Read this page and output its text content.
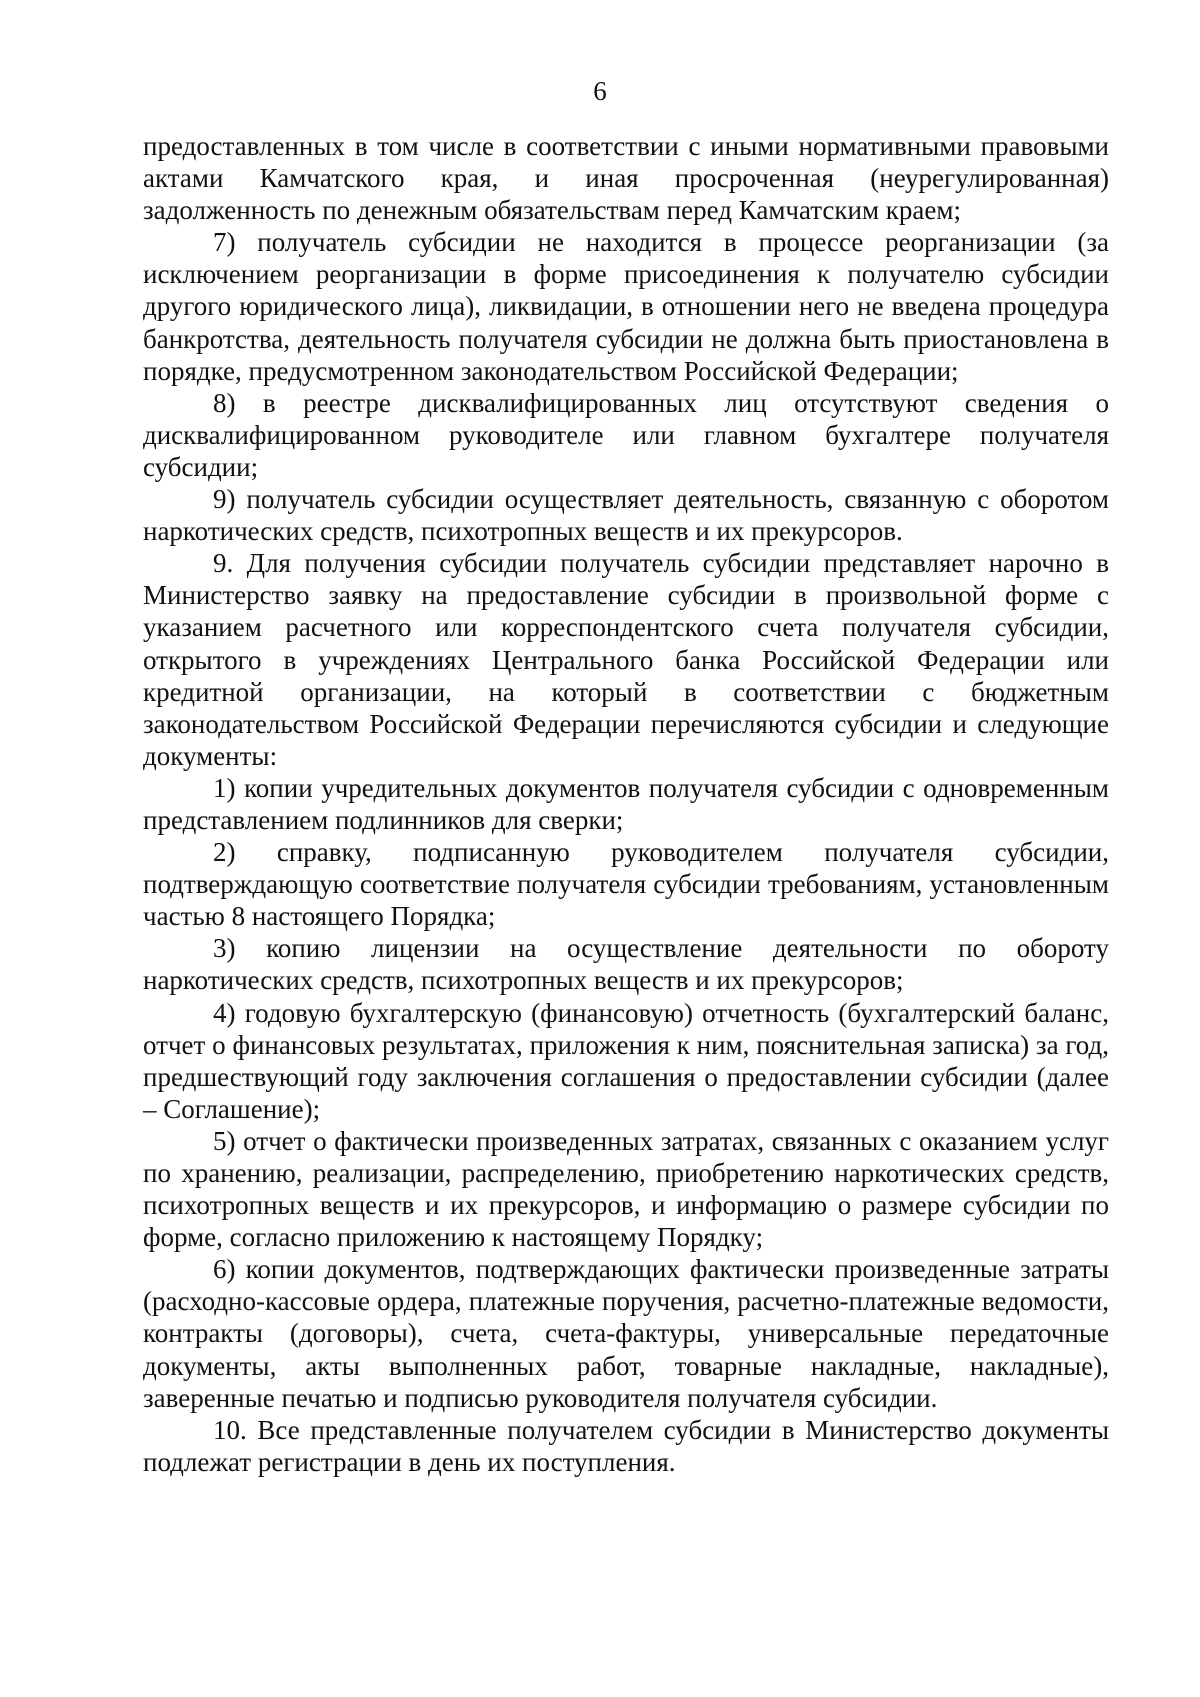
6

предоставленных в том числе в соответствии с иными нормативными правовыми актами Камчатского края, и иная просроченная (неурегулированная) задолженность по денежным обязательствам перед Камчатским краем;

7) получатель субсидии не находится в процессе реорганизации (за исключением реорганизации в форме присоединения к получателю субсидии другого юридического лица), ликвидации, в отношении него не введена процедура банкротства, деятельность получателя субсидии не должна быть приостановлена в порядке, предусмотренном законодательством Российской Федерации;

8) в реестре дисквалифицированных лиц отсутствуют сведения о дисквалифицированном руководителе или главном бухгалтере получателя субсидии;

9) получатель субсидии осуществляет деятельность, связанную с оборотом наркотических средств, психотропных веществ и их прекурсоров.

9. Для получения субсидии получатель субсидии представляет нарочно в Министерство заявку на предоставление субсидии в произвольной форме с указанием расчетного или корреспондентского счета получателя субсидии, открытого в учреждениях Центрального банка Российской Федерации или кредитной организации, на который в соответствии с бюджетным законодательством Российской Федерации перечисляются субсидии и следующие документы:

1) копии учредительных документов получателя субсидии с одновременным представлением подлинников для сверки;

2) справку, подписанную руководителем получателя субсидии, подтверждающую соответствие получателя субсидии требованиям, установленным частью 8 настоящего Порядка;

3) копию лицензии на осуществление деятельности по обороту наркотических средств, психотропных веществ и их прекурсоров;

4) годовую бухгалтерскую (финансовую) отчетность (бухгалтерский баланс, отчет о финансовых результатах, приложения к ним, пояснительная записка) за год, предшествующий году заключения соглашения о предоставлении субсидии (далее – Соглашение);

5) отчет о фактически произведенных затратах, связанных с оказанием услуг по хранению, реализации, распределению, приобретению наркотических средств, психотропных веществ и их прекурсоров, и информацию о размере субсидии по форме, согласно приложению к настоящему Порядку;

6) копии документов, подтверждающих фактически произведенные затраты (расходно-кассовые ордера, платежные поручения, расчетно-платежные ведомости, контракты (договоры), счета, счета-фактуры, универсальные передаточные документы, акты выполненных работ, товарные накладные, накладные), заверенные печатью и подписью руководителя получателя субсидии.

10. Все представленные получателем субсидии в Министерство документы подлежат регистрации в день их поступления.
